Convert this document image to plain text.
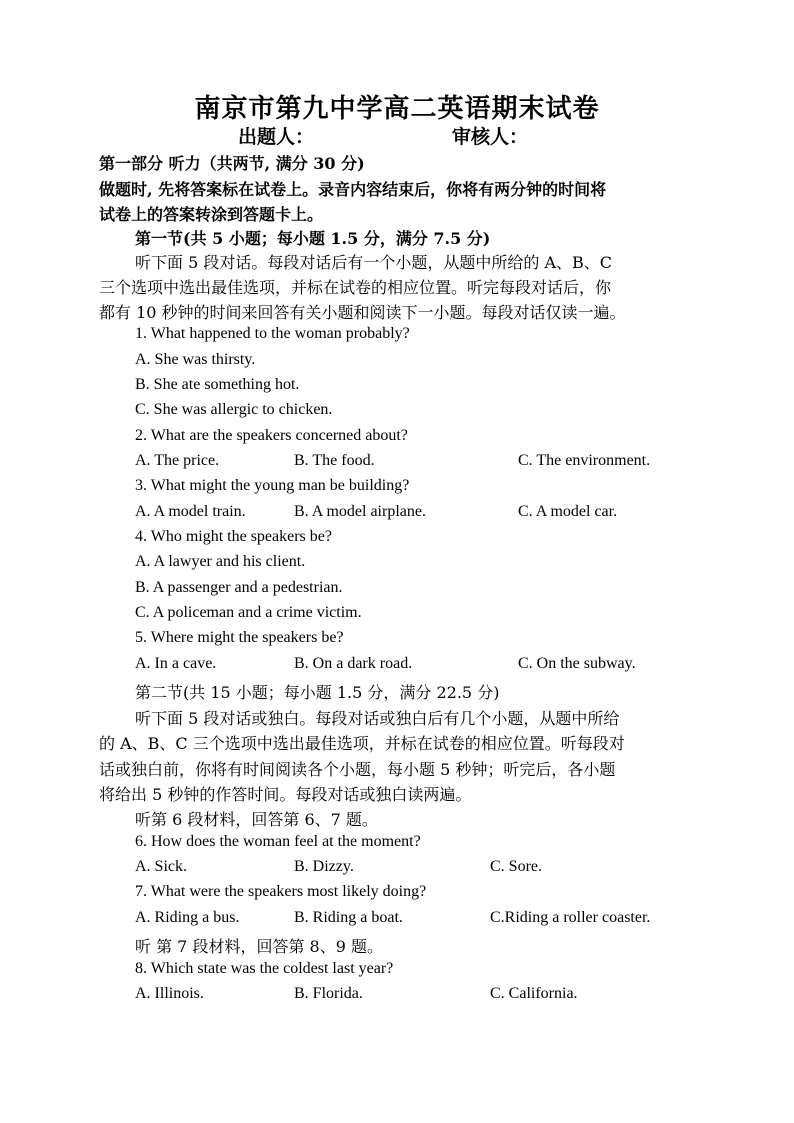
南京市第九中学高二英语期末试卷
出题人：	审核人：
第一部分 听力（共两节, 满分 30 分)
做题时, 先将答案标在试卷上。录音内容结束后，你将有两分钟的时间将
试卷上的答案转涂到答题卡上。
第一节(共 5 小题；每小题 1.5 分，满分 7.5 分)
听下面 5 段对话。每段对话后有一个小题，从题中所给的 A、B、C
三个选项中选出最佳选项，并标在试卷的相应位置。听完每段对话后，你
都有 10 秒钟的时间来回答有关小题和阅读下一小题。每段对话仅读一遍。
1. What happened to the woman probably?
A. She was thirsty.
B. She ate something hot.
C. She was allergic to chicken.
2. What are the speakers concerned about?
A. The price.	B. The food.	C. The environment.
3. What might the young man be building?
A. A model train.	B. A model airplane.	C. A model car.
4. Who might the speakers be?
A. A lawyer and his client.
B. A passenger and a pedestrian.
C. A policeman and a crime victim.
5. Where might the speakers be?
A. In a cave.	B. On a dark road.	C. On the subway.
第二节(共 15 小题；每小题 1.5 分，满分 22.5 分)
听下面 5 段对话或独白。每段对话或独白后有几个小题，从题中所给
的 A、B、C 三个选项中选出最佳选项，并标在试卷的相应位置。听每段对
话或独白前，你将有时间阅读各个小题，每小题 5 秒钟；听完后，各小题
将给出 5 秒钟的作答时间。每段对话或独白读两遍。
听第 6 段材料，回答第 6、7 题。
6. How does the woman feel at the moment?
A. Sick.	B. Dizzy.	C. Sore.
7. What were the speakers most likely doing?
A. Riding a bus.	B. Riding a boat.	C.Riding a roller coaster.
听 第 7 段材料，回答第 8、9 题。
8. Which state was the coldest last year?
A. Illinois.	B. Florida.	C. California.
